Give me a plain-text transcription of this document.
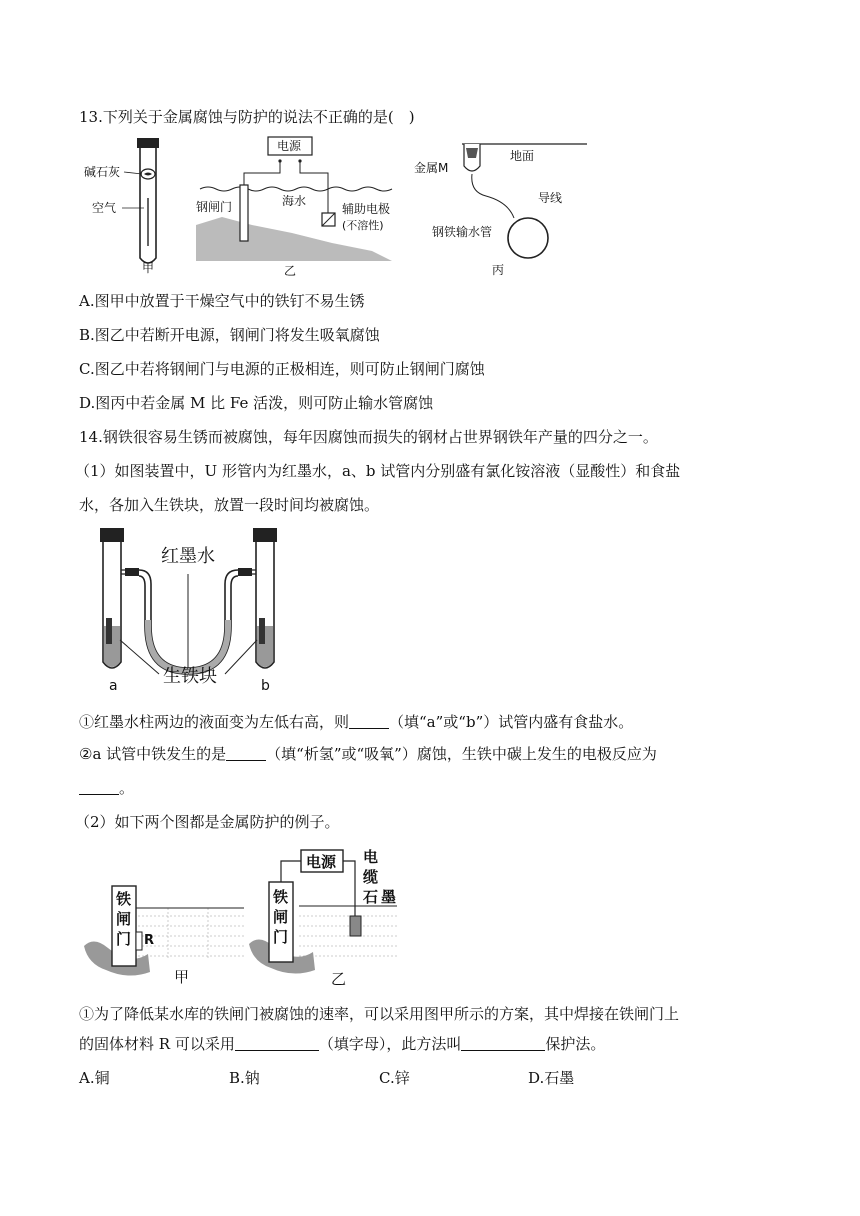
13.下列关于金属腐蚀与防护的说法不正确的是(　)
碱石灰
空气
甲
电源
钢闸门	海水
辅助电极
(不溶性)
乙
金属M
地面
导线
钢铁输水管
丙
A.图甲中放置于干燥空气中的铁钉不易生锈
B.图乙中若断开电源，钢闸门将发生吸氧腐蚀
C.图乙中若将钢闸门与电源的正极相连，则可防止钢闸门腐蚀
D.图丙中若金属 M 比 Fe 活泼，则可防止输水管腐蚀
14.钢铁很容易生锈而被腐蚀，每年因腐蚀而损失的钢材占世界钢铁年产量的四分之一。
（1）如图装置中，U 形管内为红墨水，a、b 试管内分别盛有氯化铵溶液（显酸性）和食盐
水，各加入生铁块，放置一段时间均被腐蚀。
红墨水
生铁块
a	b
①红墨水柱两边的液面变为左低右高，则	（填“a”或“b”）试管内盛有食盐水。
②a 试管中铁发生的是	（填“析氢”或“吸氧”）腐蚀，生铁中碳上发生的电极反应为
。
（2）如下两个图都是金属防护的例子。
铁
闸
门 R
甲
电源
铁
闸
门
电
缆
石 墨
乙
①为了降低某水库的铁闸门被腐蚀的速率，可以采用图甲所示的方案，其中焊接在铁闸门上
的固体材料 R 可以采用	（填字母），此方法叫	保护法。
A.铜	B.钠	C.锌	D.石墨
